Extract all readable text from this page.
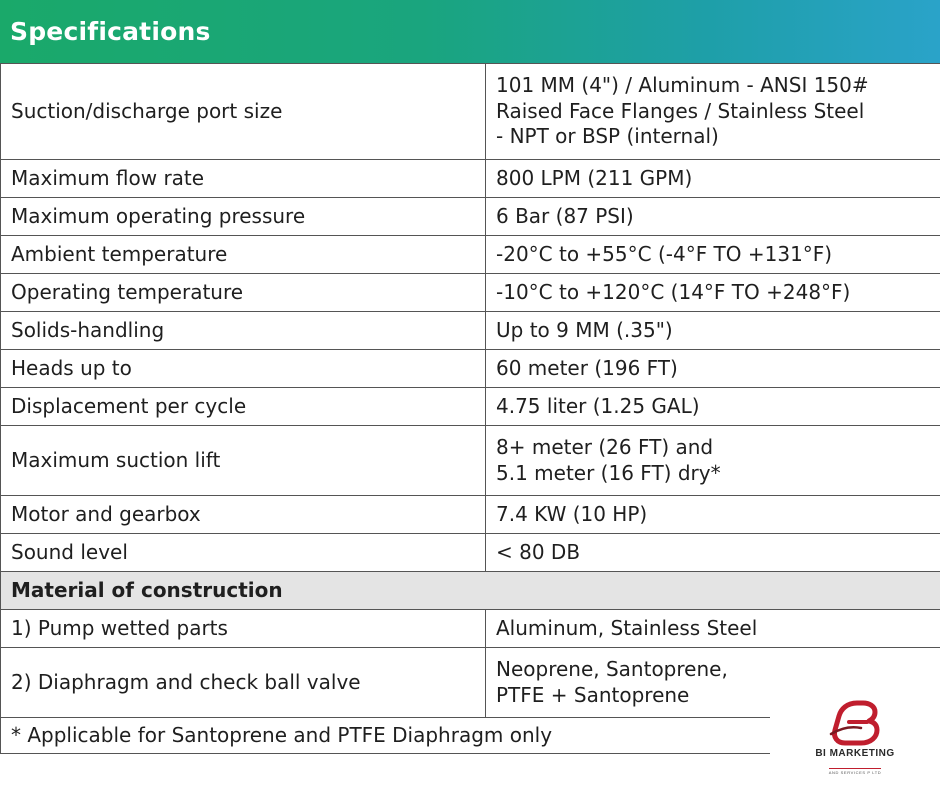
Specifications
Suction/discharge port size	101 MM (4") / Aluminum - ANSI 150#
Raised Face Flanges / Stainless Steel
- NPT or BSP (internal)

Maximum flow rate	800 LPM (211 GPM)
Maximum operating pressure	6 Bar (87 PSI)
Ambient temperature	-20°C to +55°C (-4°F TO +131°F)
Operating temperature	-10°C to +120°C (14°F TO +248°F)
Solids-handling	Up to 9 MM (.35")
Heads up to	60 meter (196 FT)
Displacement per cycle	4.75 liter (1.25 GAL)
Maximum suction lift	8+ meter (26 FT) and
5.1 meter (16 FT) dry*

Motor and gearbox	7.4 KW (10 HP)
Sound level	< 80 DB
Material of construction	
1) Pump wetted parts	Aluminum, Stainless Steel
2) Diaphragm and check ball valve	Neoprene, Santoprene,
PTFE + Santoprene

* Applicable for Santoprene and PTFE Diaphragm only	
BI MARKETING
AND SERVICES P LTD
